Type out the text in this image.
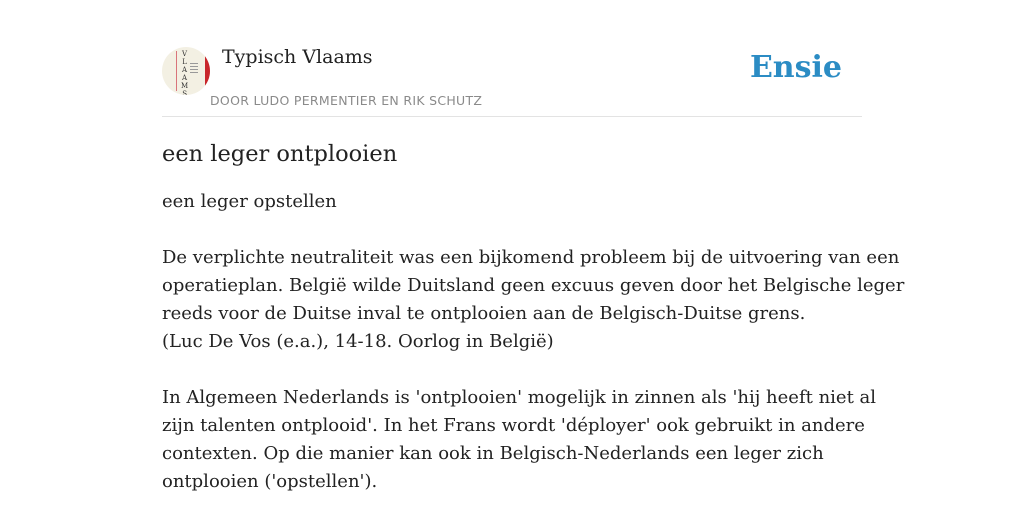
V
L
A
A
M
S
Typisch Vlaams
DOOR LUDO PERMENTIER EN RIK SCHUTZ
Ensie
een leger ontplooien

een leger opstellen

De verplichte neutraliteit was een bijkomend probleem bij de uitvoering van een
operatieplan. België wilde Duitsland geen excuus geven door het Belgische leger
reeds voor de Duitse inval te ontplooien aan de Belgisch-Duitse grens.
(Luc De Vos (e.a.), 14-18. Oorlog in België)

In Algemeen Nederlands is 'ontplooien' mogelijk in zinnen als 'hij heeft niet al
zijn talenten ontplooid'. In het Frans wordt 'déployer' ook gebruikt in andere
contexten. Op die manier kan ook in Belgisch-Nederlands een leger zich
ontplooien ('opstellen').
